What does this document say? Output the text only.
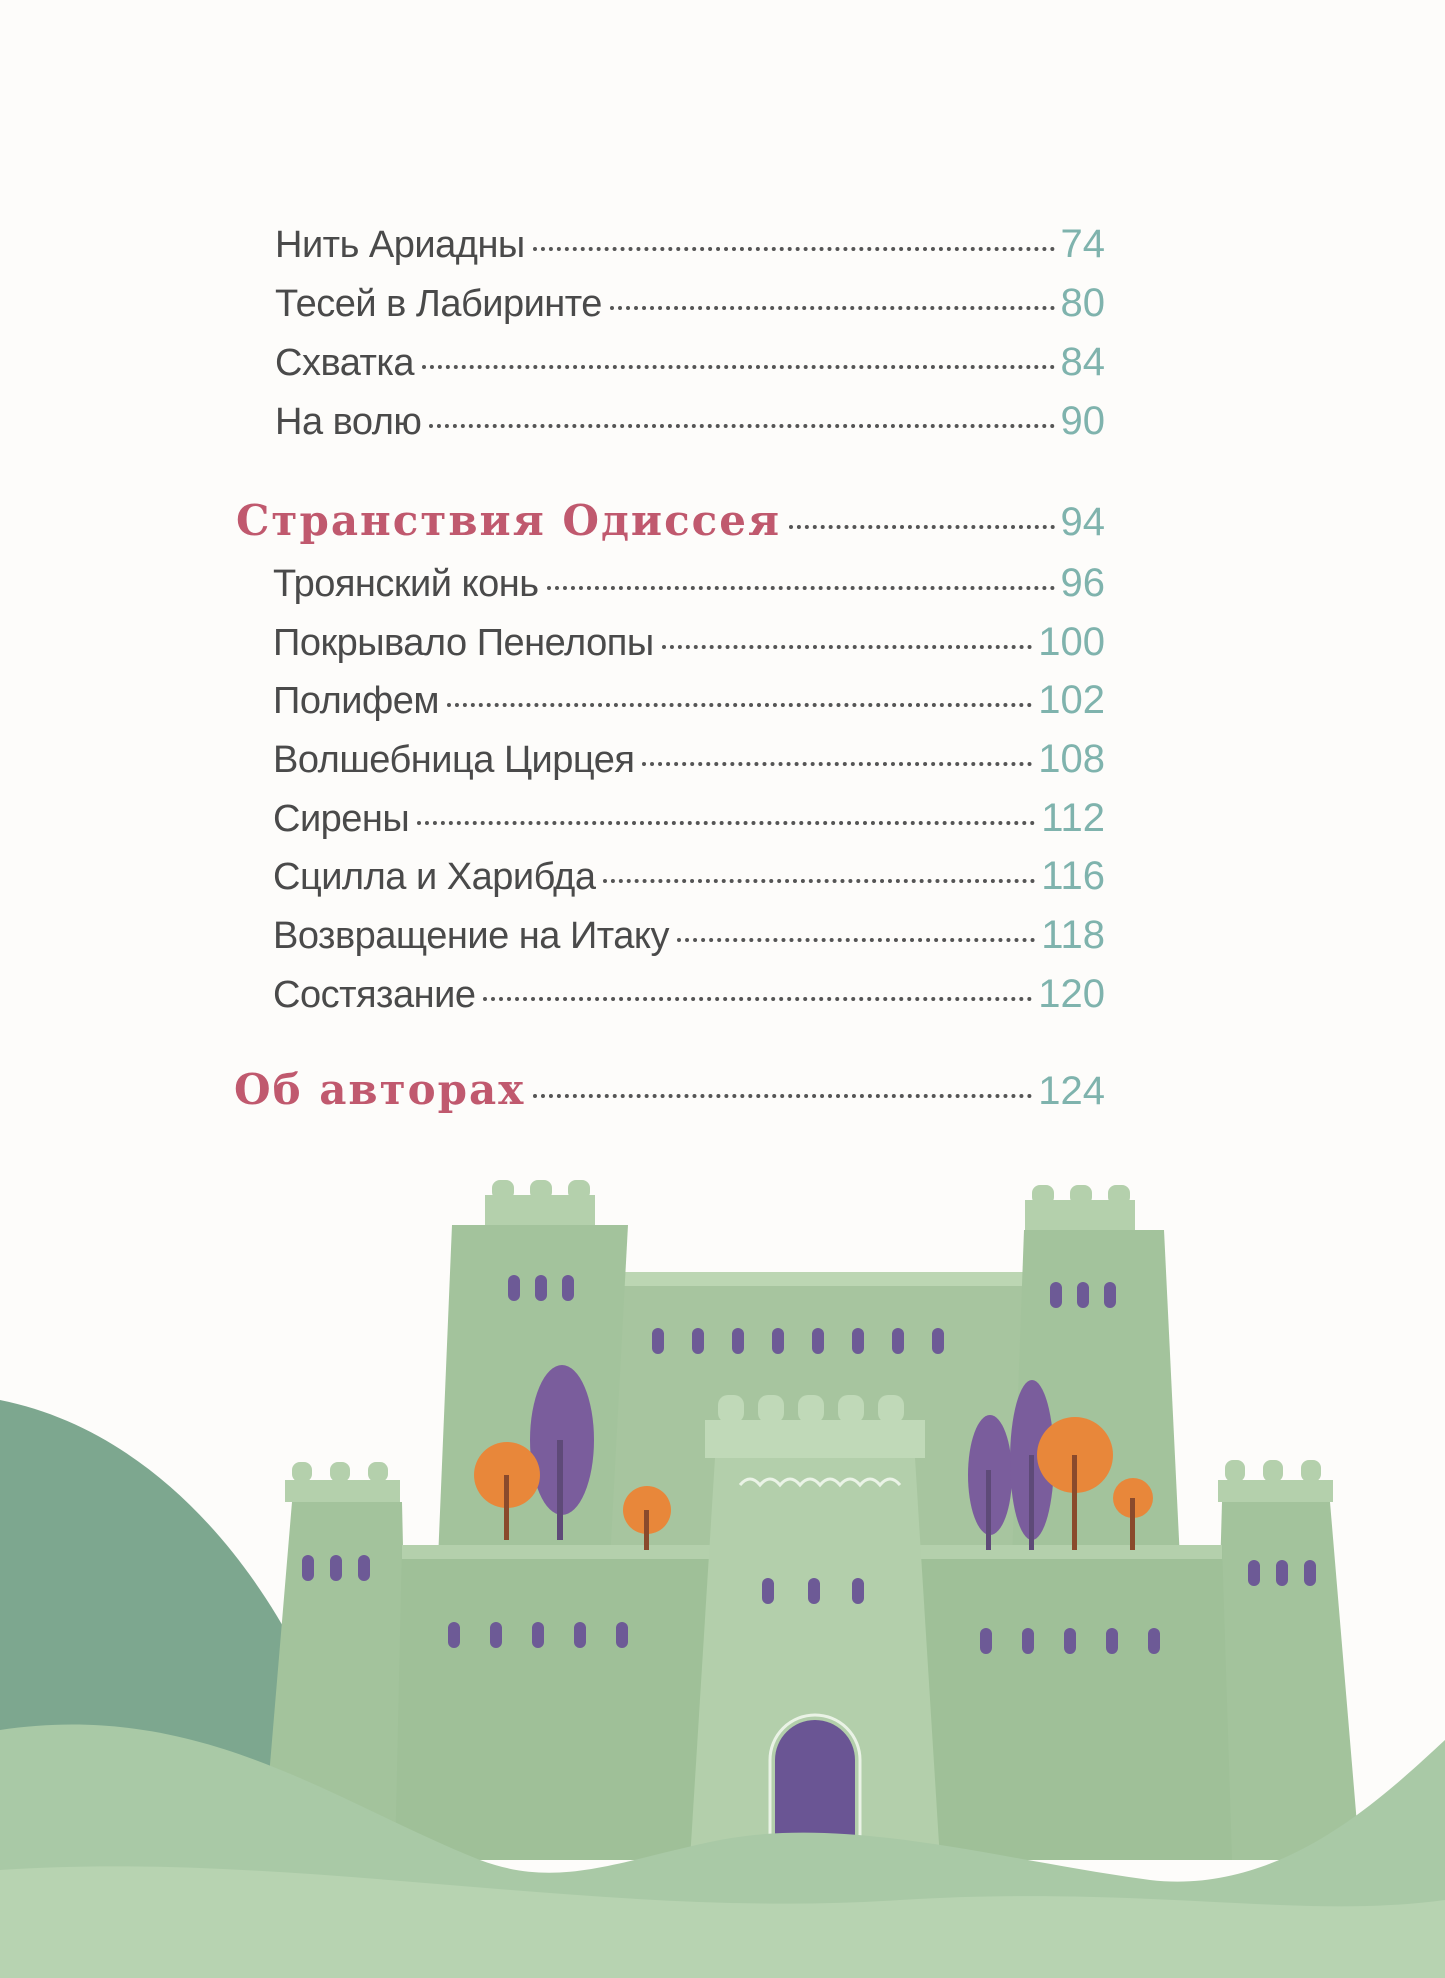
Нить Ариадны	74
Тесей в Лабиринте	80
Схватка	84
На волю	90
Странствия Одиссея	94
Троянский конь	96
Покрывало Пенелопы	100
Полифем	102
Волшебница Цирцея	108
Сирены	112
Сцилла и Харибда	116
Возвращение на Итаку	118
Состязание	120
Об авторах	124
